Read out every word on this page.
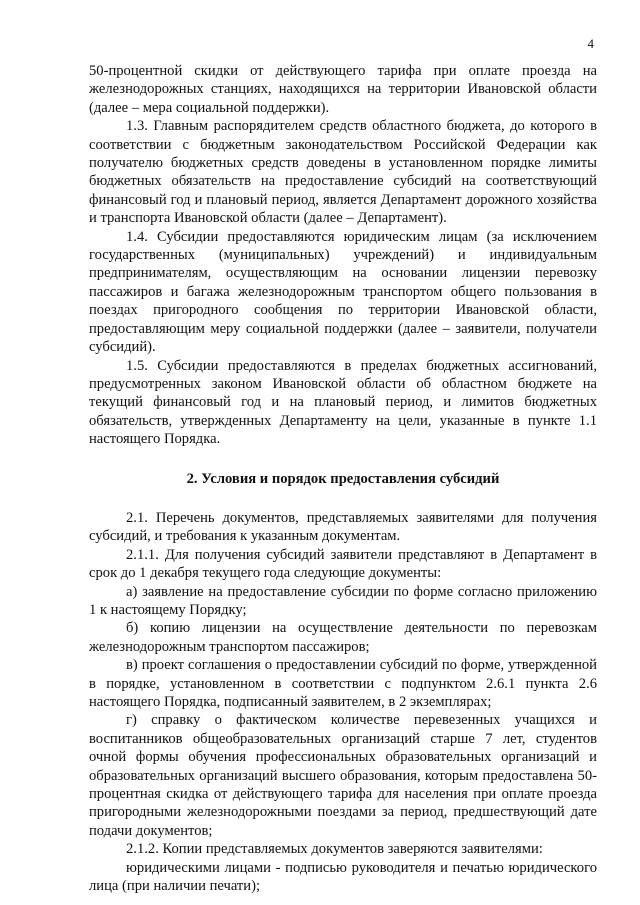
4

50-процентной скидки от действующего тарифа при оплате проезда на железнодорожных станциях, находящихся на территории Ивановской области (далее – мера социальной поддержки).

1.3. Главным распорядителем средств областного бюджета, до которого в соответствии с бюджетным законодательством Российской Федерации как получателю бюджетных средств доведены в установленном порядке лимиты бюджетных обязательств на предоставление субсидий на соответствующий финансовый год и плановый период, является Департамент дорожного хозяйства и транспорта Ивановской области (далее – Департамент).

1.4. Субсидии предоставляются юридическим лицам (за исключением государственных (муниципальных) учреждений) и индивидуальным предпринимателям, осуществляющим на основании лицензии перевозку пассажиров и багажа железнодорожным транспортом общего пользования в поездах пригородного сообщения по территории Ивановской области, предоставляющим меру социальной поддержки (далее – заявители, получатели субсидий).

1.5. Субсидии предоставляются в пределах бюджетных ассигнований, предусмотренных законом Ивановской области об областном бюджете на текущий финансовый год и на плановый период, и лимитов бюджетных обязательств, утвержденных Департаменту на цели, указанные в пункте 1.1 настоящего Порядка.

2. Условия и порядок предоставления субсидий

2.1. Перечень документов, представляемых заявителями для получения субсидий, и требования к указанным документам.

2.1.1. Для получения субсидий заявители представляют в Департамент в срок до 1 декабря текущего года следующие документы:

а) заявление на предоставление субсидии по форме согласно приложению 1 к настоящему Порядку;

б) копию лицензии на осуществление деятельности по перевозкам железнодорожным транспортом пассажиров;

в) проект соглашения о предоставлении субсидий по форме, утвержденной в порядке, установленном в соответствии с подпунктом 2.6.1 пункта 2.6 настоящего Порядка, подписанный заявителем, в 2 экземплярах;

г) справку о фактическом количестве перевезенных учащихся и воспитанников общеобразовательных организаций старше 7 лет, студентов очной формы обучения профессиональных образовательных организаций и образовательных организаций высшего образования, которым предоставлена 50-процентная скидка от действующего тарифа для населения при оплате проезда пригородными железнодорожными поездами за период, предшествующий дате подачи документов;

2.1.2. Копии представляемых документов заверяются заявителями:

юридическими лицами - подписью руководителя и печатью юридического лица (при наличии печати);
